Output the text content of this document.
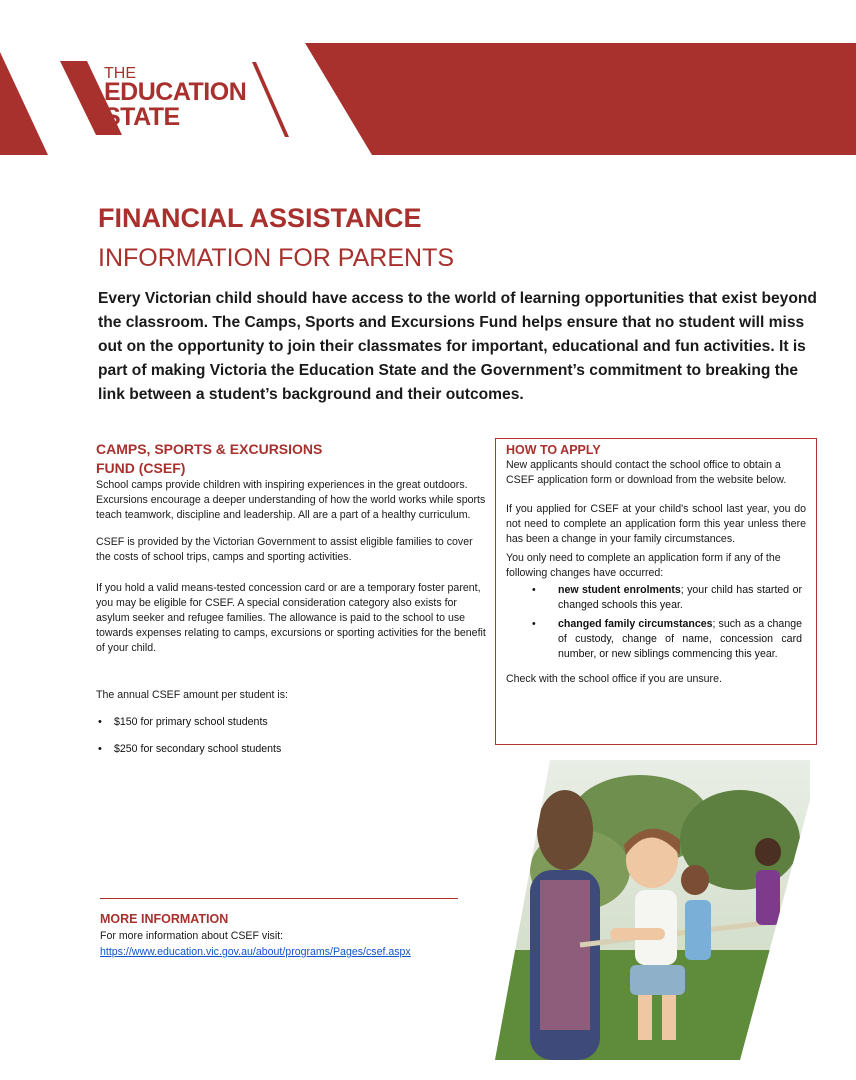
THE
EDUCATION
STATE
FINANCIAL ASSISTANCE
INFORMATION FOR PARENTS

Every Victorian child should have access to the world of learning opportunities that exist beyond the classroom. The Camps, Sports and Excursions Fund helps ensure that no student will miss out on the opportunity to join their classmates for important, educational and fun activities. It is part of making Victoria the Education State and the Government’s commitment to breaking the link between a student’s background and their outcomes.

CAMPS, SPORTS & EXCURSIONS
FUND (CSEF)

School camps provide children with inspiring experiences in the great outdoors. Excursions encourage a deeper understanding of how the world works while sports teach teamwork, discipline and leadership. All are a part of a healthy curriculum.

CSEF is provided by the Victorian Government to assist eligible families to cover the costs of school trips, camps and sporting activities.

If you hold a valid means-tested concession card or are a temporary foster parent, you may be eligible for CSEF. A special consideration category also exists for asylum seeker and refugee families. The allowance is paid to the school to use towards expenses relating to camps, excursions or sporting activities for the benefit of your child.

The annual CSEF amount per student is:

• $150 for primary school students
• $250 for secondary school students
HOW TO APPLY

New applicants should contact the school office to obtain a CSEF application form or download from the website below.

If you applied for CSEF at your child's school last year, you do not need to complete an application form this year unless there has been a change in your family circumstances.

You only need to complete an application form if any of the following changes have occurred:

• new student enrolments; your child has started or changed schools this year.
• changed family circumstances; such as a change of custody, change of name, concession card number, or new siblings commencing this year.

Check with the school office if you are unsure.

MORE INFORMATION

For more information about CSEF visit:

https://www.education.vic.gov.au/about/programs/Pages/csef.aspx
